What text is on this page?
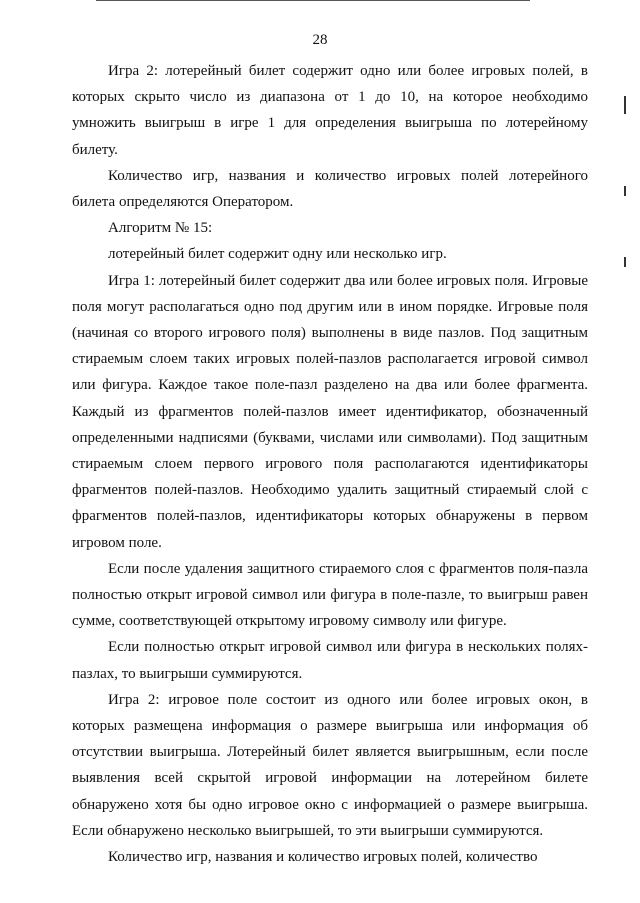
28

Игра 2: лотерейный билет содержит одно или более игровых полей, в которых скрыто число из диапазона от 1 до 10, на которое необходимо умножить выигрыш в игре 1 для определения выигрыша по лотерейному билету.

Количество игр, названия и количество игровых полей лотерейного билета определяются Оператором.

Алгоритм № 15:

лотерейный билет содержит одну или несколько игр.

Игра 1: лотерейный билет содержит два или более игровых поля. Игровые поля могут располагаться одно под другим или в ином порядке. Игровые поля (начиная со второго игрового поля) выполнены в виде пазлов. Под защитным стираемым слоем таких игровых полей-пазлов располагается игровой символ или фигура. Каждое такое поле-пазл разделено на два или более фрагмента. Каждый из фрагментов полей-пазлов имеет идентификатор, обозначенный определенными надписями (буквами, числами или символами). Под защитным стираемым слоем первого игрового поля располагаются идентификаторы фрагментов полей-пазлов. Необходимо удалить защитный стираемый слой с фрагментов полей-пазлов, идентификаторы которых обнаружены в первом игровом поле.

Если после удаления защитного стираемого слоя с фрагментов поля-пазла полностью открыт игровой символ или фигура в поле-пазле, то выигрыш равен сумме, соответствующей открытому игровому символу или фигуре.

Если полностью открыт игровой символ или фигура в нескольких полях-пазлах, то выигрыши суммируются.

Игра 2: игровое поле состоит из одного или более игровых окон, в которых размещена информация о размере выигрыша или информация об отсутствии выигрыша. Лотерейный билет является выигрышным, если после выявления всей скрытой игровой информации на лотерейном билете обнаружено хотя бы одно игровое окно с информацией о размере выигрыша. Если обнаружено несколько выигрышей, то эти выигрыши суммируются.

Количество игр, названия и количество игровых полей, количество
